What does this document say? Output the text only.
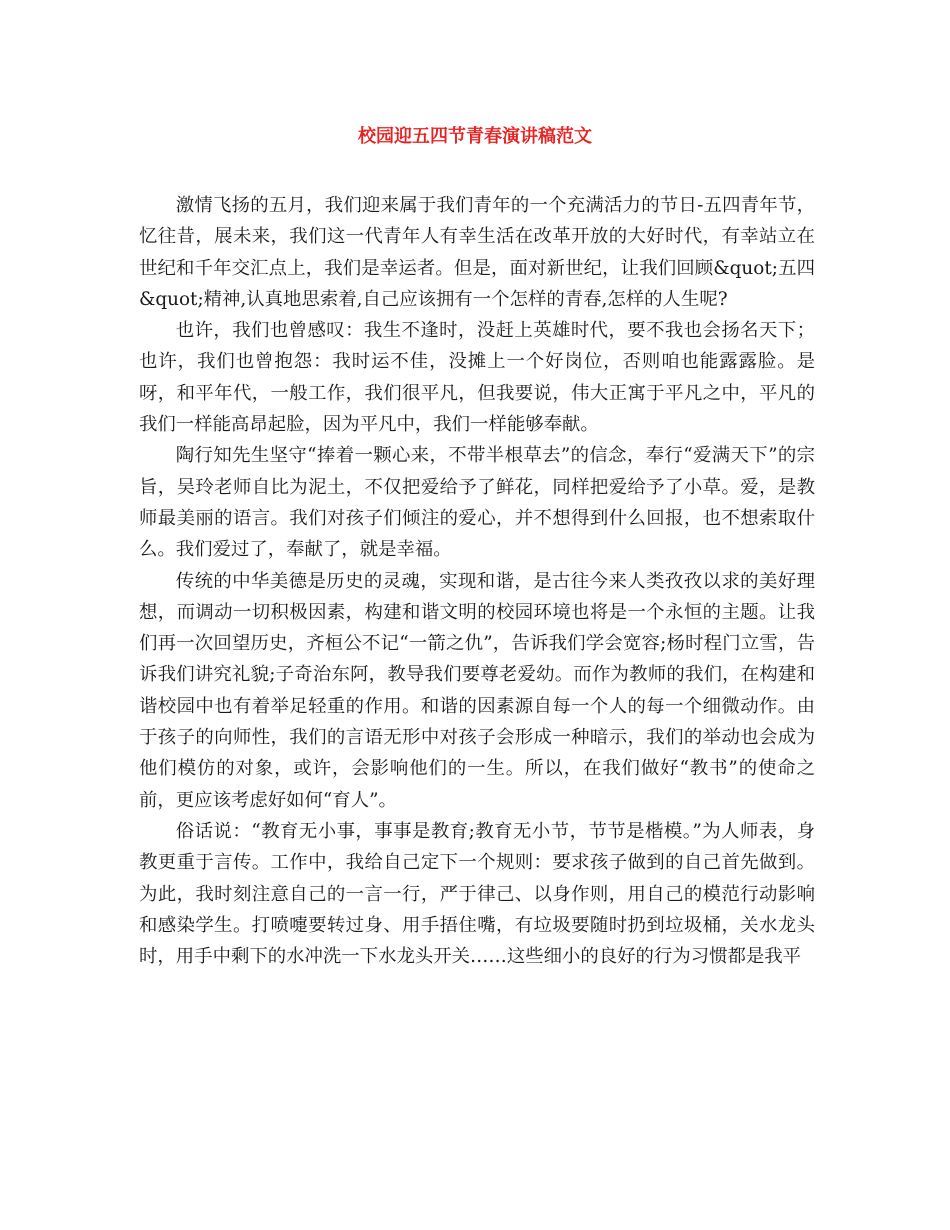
校园迎五四节青春演讲稿范文

激情飞扬的五月，我们迎来属于我们青年的一个充满活力的节日-五四青年节，忆往昔，展未来，我们这一代青年人有幸生活在改革开放的大好时代，有幸站立在世纪和千年交汇点上，我们是幸运者。但是，面对新世纪，让我们回顾&quot;五四&quot;精神,认真地思索着,自己应该拥有一个怎样的青春,怎样的人生呢?

也许，我们也曾感叹：我生不逢时，没赶上英雄时代，要不我也会扬名天下；也许，我们也曾抱怨：我时运不佳，没摊上一个好岗位，否则咱也能露露脸。是呀，和平年代，一般工作，我们很平凡，但我要说，伟大正寓于平凡之中，平凡的我们一样能高昂起脸，因为平凡中，我们一样能够奉献。

陶行知先生坚守“捧着一颗心来，不带半根草去”的信念，奉行“爱满天下”的宗旨，吴玲老师自比为泥土，不仅把爱给予了鲜花，同样把爱给予了小草。爱，是教师最美丽的语言。我们对孩子们倾注的爱心，并不想得到什么回报，也不想索取什么。我们爱过了，奉献了，就是幸福。

传统的中华美德是历史的灵魂，实现和谐，是古往今来人类孜孜以求的美好理想，而调动一切积极因素，构建和谐文明的校园环境也将是一个永恒的主题。让我们再一次回望历史，齐桓公不记“一箭之仇”，告诉我们学会宽容;杨时程门立雪，告诉我们讲究礼貌;子奇治东阿，教导我们要尊老爱幼。而作为教师的我们，在构建和谐校园中也有着举足轻重的作用。和谐的因素源自每一个人的每一个细微动作。由于孩子的向师性，我们的言语无形中对孩子会形成一种暗示，我们的举动也会成为他们模仿的对象，或许，会影响他们的一生。所以，在我们做好“教书”的使命之前，更应该考虑好如何“育人”。

俗话说：“教育无小事，事事是教育;教育无小节，节节是楷模。”为人师表，身教更重于言传。工作中，我给自己定下一个规则：要求孩子做到的自己首先做到。为此，我时刻注意自己的一言一行，严于律己、以身作则，用自己的模范行动影响和感染学生。打喷嚏要转过身、用手捂住嘴，有垃圾要随时扔到垃圾桶，关水龙头时，用手中剩下的水冲洗一下水龙头开关……这些细小的良好的行为习惯都是我平
